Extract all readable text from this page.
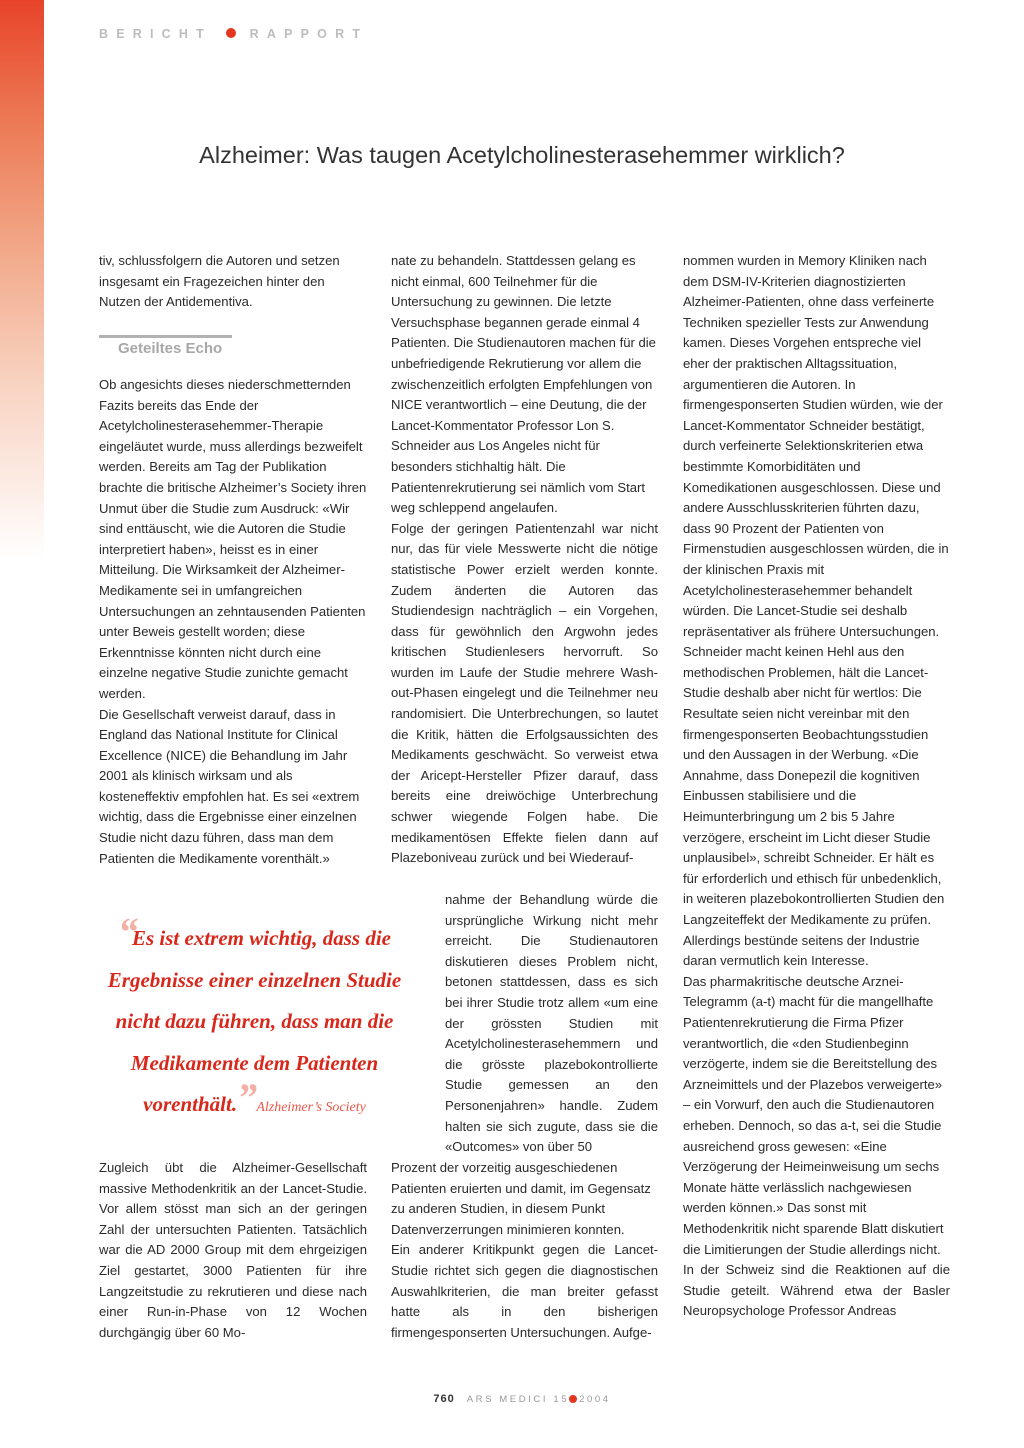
BERICHT	RAPPORT
Alzheimer: Was taugen Acetylcholinesterasehemmer wirklich?

tiv, schlussfolgern die Autoren und setzen insgesamt ein Fragezeichen hinter den Nutzen der Antidementiva.

Geteiltes Echo

Ob angesichts dieses niederschmetternden Fazits bereits das Ende der Acetylcholinesterasehemmer-Therapie eingeläutet wurde, muss allerdings bezweifelt werden. Bereits am Tag der Publikation brachte die britische Alzheimer’s Society ihren Unmut über die Studie zum Ausdruck: «Wir sind enttäuscht, wie die Autoren die Studie interpretiert haben», heisst es in einer Mitteilung. Die Wirksamkeit der Alzheimer-Medikamente sei in umfangreichen Untersuchungen an zehntausenden Patienten unter Beweis gestellt worden; diese Erkenntnisse könnten nicht durch eine einzelne negative Studie zunichte gemacht werden.

Die Gesellschaft verweist darauf, dass in England das National Institute for Clinical Excellence (NICE) die Behandlung im Jahr 2001 als klinisch wirksam und als kosteneffektiv empfohlen hat. Es sei «extrem wichtig, dass die Ergebnisse einer einzelnen Studie nicht dazu führen, dass man dem Patienten die Medikamente vorenthält.»

“Es ist extrem wichtig, dass die Ergebnisse einer einzelnen Studie nicht dazu führen, dass man die Medikamente dem Patienten vorenthält.” Alzheimer’s Society

Zugleich übt die Alzheimer-Gesellschaft massive Methodenkritik an der Lancet-Studie. Vor allem stösst man sich an der geringen Zahl der untersuchten Patienten. Tatsächlich war die AD 2000 Group mit dem ehrgeizigen Ziel gestartet, 3000 Patienten für ihre Langzeitstudie zu rekrutieren und diese nach einer Run-in-Phase von 12 Wochen durchgängig über 60 Mo-

nate zu behandeln. Stattdessen gelang es nicht einmal, 600 Teilnehmer für die Untersuchung zu gewinnen. Die letzte Versuchsphase begannen gerade einmal 4 Patienten. Die Studienautoren machen für die unbefriedigende Rekrutierung vor allem die zwischenzeitlich erfolgten Empfehlungen von NICE verantwortlich – eine Deutung, die der Lancet-Kommentator Professor Lon S. Schneider aus Los Angeles nicht für besonders stichhaltig hält. Die Patientenrekrutierung sei nämlich vom Start weg schleppend angelaufen.

Folge der geringen Patientenzahl war nicht nur, das für viele Messwerte nicht die nötige statistische Power erzielt werden konnte. Zudem änderten die Autoren das Studiendesign nachträglich – ein Vorgehen, dass für gewöhnlich den Argwohn jedes kritischen Studienlesers hervorruft. So wurden im Laufe der Studie mehrere Wash-out-Phasen eingelegt und die Teilnehmer neu randomisiert. Die Unterbrechungen, so lautet die Kritik, hätten die Erfolgsaussichten des Medikaments geschwächt. So verweist etwa der Aricept-Hersteller Pfizer darauf, dass bereits eine dreiwöchige Unterbrechung schwer wiegende Folgen habe. Die medikamentösen Effekte fielen dann auf Plazeboniveau zurück und bei Wiederauf-

nahme der Behandlung würde die ursprüngliche Wirkung nicht mehr erreicht. Die Studienautoren diskutieren dieses Problem nicht, betonen stattdessen, dass es sich bei ihrer Studie trotz allem «um eine der grössten Studien mit Acetylcholinesterasehemmern und die grösste plazebokontrollierte Studie gemessen an den Personenjahren» handle. Zudem halten sie sich zugute, dass sie die «Outcomes» von über 50

Prozent der vorzeitig ausgeschiedenen Patienten eruierten und damit, im Gegensatz zu anderen Studien, in diesem Punkt Datenverzerrungen minimieren konnten.

Ein anderer Kritikpunkt gegen die Lancet-Studie richtet sich gegen die diagnostischen Auswahlkriterien, die man breiter gefasst hatte als in den bisherigen firmengesponserten Untersuchungen. Aufge-

nommen wurden in Memory Kliniken nach dem DSM-IV-Kriterien diagnostizierten Alzheimer-Patienten, ohne dass verfeinerte Techniken spezieller Tests zur Anwendung kamen. Dieses Vorgehen entspreche viel eher der praktischen Alltagssituation, argumentieren die Autoren. In firmengesponserten Studien würden, wie der Lancet-Kommentator Schneider bestätigt, durch verfeinerte Selektionskriterien etwa bestimmte Komorbiditäten und Komedikationen ausgeschlossen. Diese und andere Ausschlusskriterien führten dazu, dass 90 Prozent der Patienten von Firmenstudien ausgeschlossen würden, die in der klinischen Praxis mit Acetylcholinesterasehemmer behandelt würden. Die Lancet-Studie sei deshalb repräsentativer als frühere Untersuchungen. Schneider macht keinen Hehl aus den methodischen Problemen, hält die Lancet-Studie deshalb aber nicht für wertlos: Die Resultate seien nicht vereinbar mit den firmengesponserten Beobachtungsstudien und den Aussagen in der Werbung. «Die Annahme, dass Donepezil die kognitiven Einbussen stabilisiere und die Heimunterbringung um 2 bis 5 Jahre verzögere, erscheint im Licht dieser Studie unplausibel», schreibt Schneider. Er hält es für erforderlich und ethisch für unbedenklich, in weiteren plazebokontrollierten Studien den Langzeiteffekt der Medikamente zu prüfen. Allerdings bestünde seitens der Industrie daran vermutlich kein Interesse.

Das pharmakritische deutsche Arznei-Telegramm (a-t) macht für die mangellhafte Patientenrekrutierung die Firma Pfizer verantwortlich, die «den Studienbeginn verzögerte, indem sie die Bereitstellung des Arzneimittels und der Plazebos verweigerte» – ein Vorwurf, den auch die Studienautoren erheben. Dennoch, so das a-t, sei die Studie ausreichend gross gewesen: «Eine Verzögerung der Heimeinweisung um sechs Monate hätte verlässlich nachgewiesen werden können.» Das sonst mit Methodenkritik nicht sparende Blatt diskutiert die Limitierungen der Studie allerdings nicht.

In der Schweiz sind die Reaktionen auf die Studie geteilt. Während etwa der Basler Neuropsychologe Professor Andreas

760 ARS MEDICI 15 2004
